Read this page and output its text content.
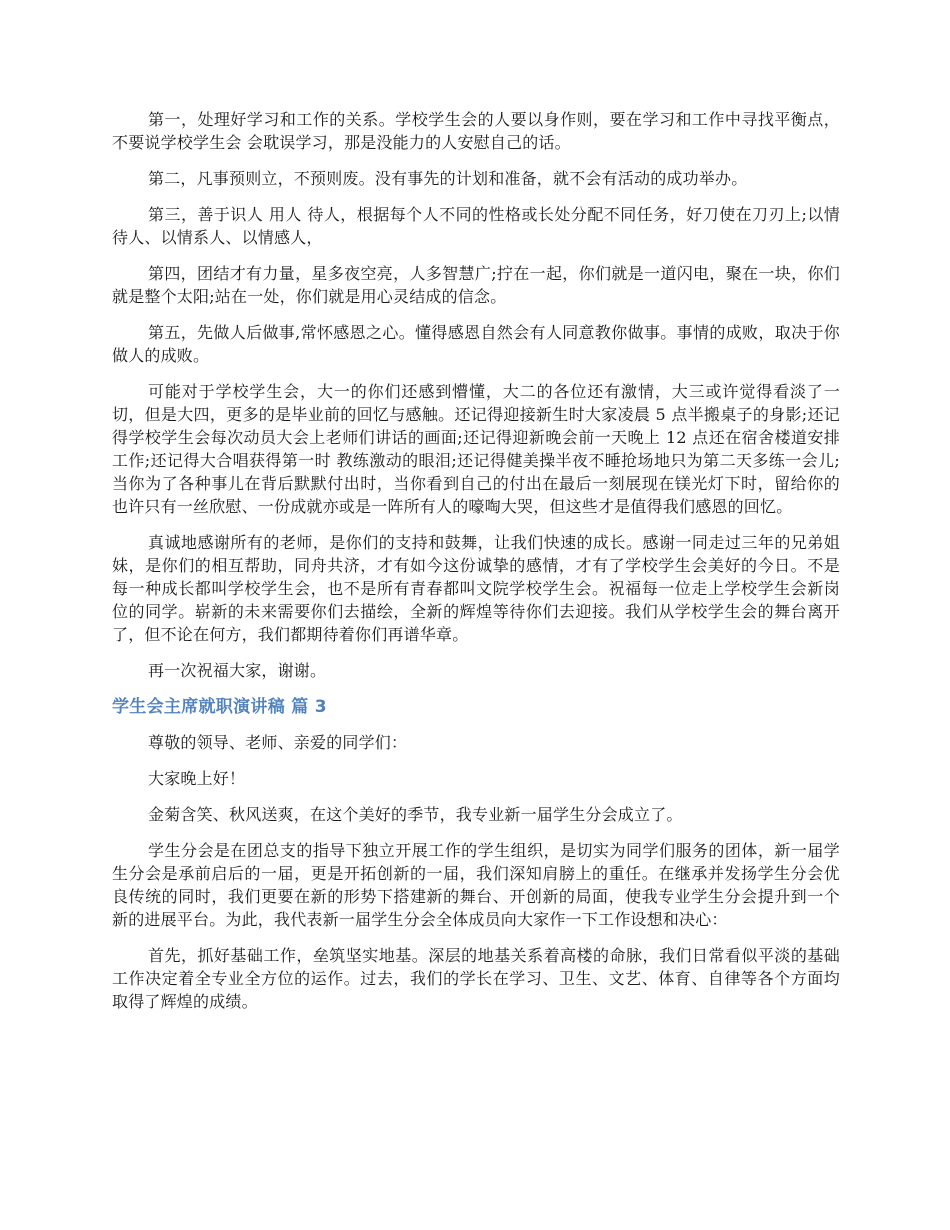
第一，处理好学习和工作的关系。学校学生会的人要以身作则，要在学习和工作中寻找平衡点，不要说学校学生会 会耽误学习，那是没能力的人安慰自己的话。

第二，凡事预则立，不预则废。没有事先的计划和准备，就不会有活动的成功举办。

第三，善于识人 用人 待人，根据每个人不同的性格或长处分配不同任务，好刀使在刀刃上;以情待人、以情系人、以情感人，

第四，团结才有力量，星多夜空亮，人多智慧广;拧在一起，你们就是一道闪电，聚在一块，你们就是整个太阳;站在一处，你们就是用心灵结成的信念。

第五，先做人后做事,常怀感恩之心。懂得感恩自然会有人同意教你做事。事情的成败，取决于你做人的成败。

可能对于学校学生会，大一的你们还感到懵懂，大二的各位还有激情，大三或许觉得看淡了一切，但是大四，更多的是毕业前的回忆与感触。还记得迎接新生时大家凌晨 5 点半搬桌子的身影;还记得学校学生会每次动员大会上老师们讲话的画面;还记得迎新晚会前一天晚上 12 点还在宿舍楼道安排工作;还记得大合唱获得第一时 教练激动的眼泪;还记得健美操半夜不睡抢场地只为第二天多练一会儿;当你为了各种事儿在背后默默付出时，当你看到自己的付出在最后一刻展现在镁光灯下时，留给你的也许只有一丝欣慰、一份成就亦或是一阵所有人的嚎啕大哭，但这些才是值得我们感恩的回忆。

真诚地感谢所有的老师，是你们的支持和鼓舞，让我们快速的成长。感谢一同走过三年的兄弟姐妹，是你们的相互帮助，同舟共济，才有如今这份诚挚的感情，才有了学校学生会美好的今日。不是每一种成长都叫学校学生会，也不是所有青春都叫文院学校学生会。祝福每一位走上学校学生会新岗位的同学。崭新的未来需要你们去描绘，全新的辉煌等待你们去迎接。我们从学校学生会的舞台离开了，但不论在何方，我们都期待着你们再谱华章。

再一次祝福大家，谢谢。

学生会主席就职演讲稿 篇 3

尊敬的领导、老师、亲爱的同学们：

大家晚上好！

金菊含笑、秋风送爽，在这个美好的季节，我专业新一届学生分会成立了。

学生分会是在团总支的指导下独立开展工作的学生组织，是切实为同学们服务的团体，新一届学生分会是承前启后的一届，更是开拓创新的一届，我们深知肩膀上的重任。在继承并发扬学生分会优良传统的同时，我们更要在新的形势下搭建新的舞台、开创新的局面，使我专业学生分会提升到一个新的进展平台。为此，我代表新一届学生分会全体成员向大家作一下工作设想和决心：

首先，抓好基础工作，垒筑坚实地基。深层的地基关系着高楼的命脉，我们日常看似平淡的基础工作决定着全专业全方位的运作。过去，我们的学长在学习、卫生、文艺、体育、自律等各个方面均取得了辉煌的成绩。
